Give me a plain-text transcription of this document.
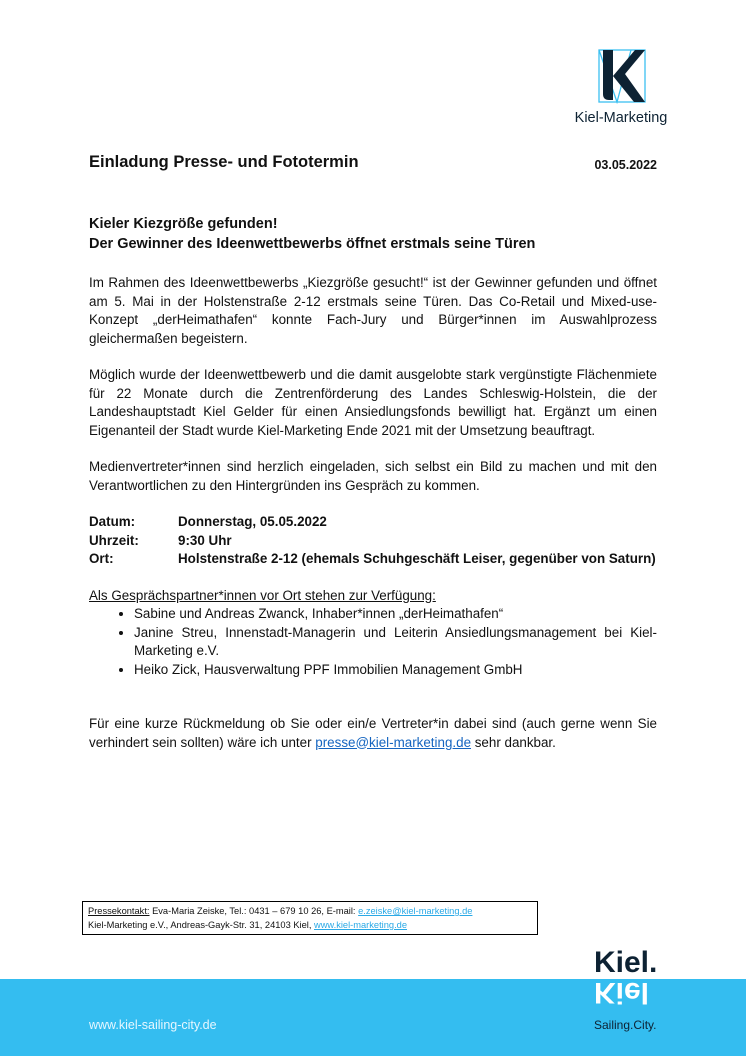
Kiel-Marketing
Einladung Presse- und Fototermin	03.05.2022
Kieler Kiezgröße gefunden!
Der Gewinner des Ideenwettbewerbs öffnet erstmals seine Türen

Im Rahmen des Ideenwettbewerbs „Kiezgröße gesucht!“ ist der Gewinner gefunden und öffnet am 5. Mai in der Holstenstraße 2-12 erstmals seine Türen. Das Co-Retail und Mixed-use-Konzept „derHeimathafen“ konnte Fach-Jury und Bürger*innen im Auswahlprozess gleichermaßen begeistern.

Möglich wurde der Ideenwettbewerb und die damit ausgelobte stark vergünstigte Flächenmiete für 22 Monate durch die Zentrenförderung des Landes Schleswig-Holstein, die der Landeshauptstadt Kiel Gelder für einen Ansiedlungsfonds bewilligt hat. Ergänzt um einen Eigenanteil der Stadt wurde Kiel-Marketing Ende 2021 mit der Umsetzung beauftragt.

Medienvertreter*innen sind herzlich eingeladen, sich selbst ein Bild zu machen und mit den Verantwortlichen zu den Hintergründen ins Gespräch zu kommen.

Datum:	Donnerstag, 05.05.2022
Uhrzeit:	9:30 Uhr
Ort:	Holstenstraße 2-12 (ehemals Schuhgeschäft Leiser, gegenüber von Saturn)
Als Gesprächspartner*innen vor Ort stehen zur Verfügung:
• Sabine und Andreas Zwanck, Inhaber*innen „derHeimathafen“
• Janine Streu, Innenstadt-Managerin und Leiterin Ansiedlungsmanagement bei Kiel-Marketing e.V.
• Heiko Zick, Hausverwaltung PPF Immobilien Management GmbH

Für eine kurze Rückmeldung ob Sie oder ein/e Vertreter*in dabei sind (auch gerne wenn Sie verhindert sein sollten) wäre ich unter presse@kiel-marketing.de sehr dankbar.

Pressekontakt: Eva-Maria Zeiske, Tel.: 0431 – 679 10 26, E-mail: e.zeiske@kiel-marketing.de
Kiel-Marketing e.V., Andreas-Gayk-Str. 31, 24103 Kiel, www.kiel-marketing.de
www.kiel-sailing-city.de
Kiel.
Kiel
Sailing.City.
